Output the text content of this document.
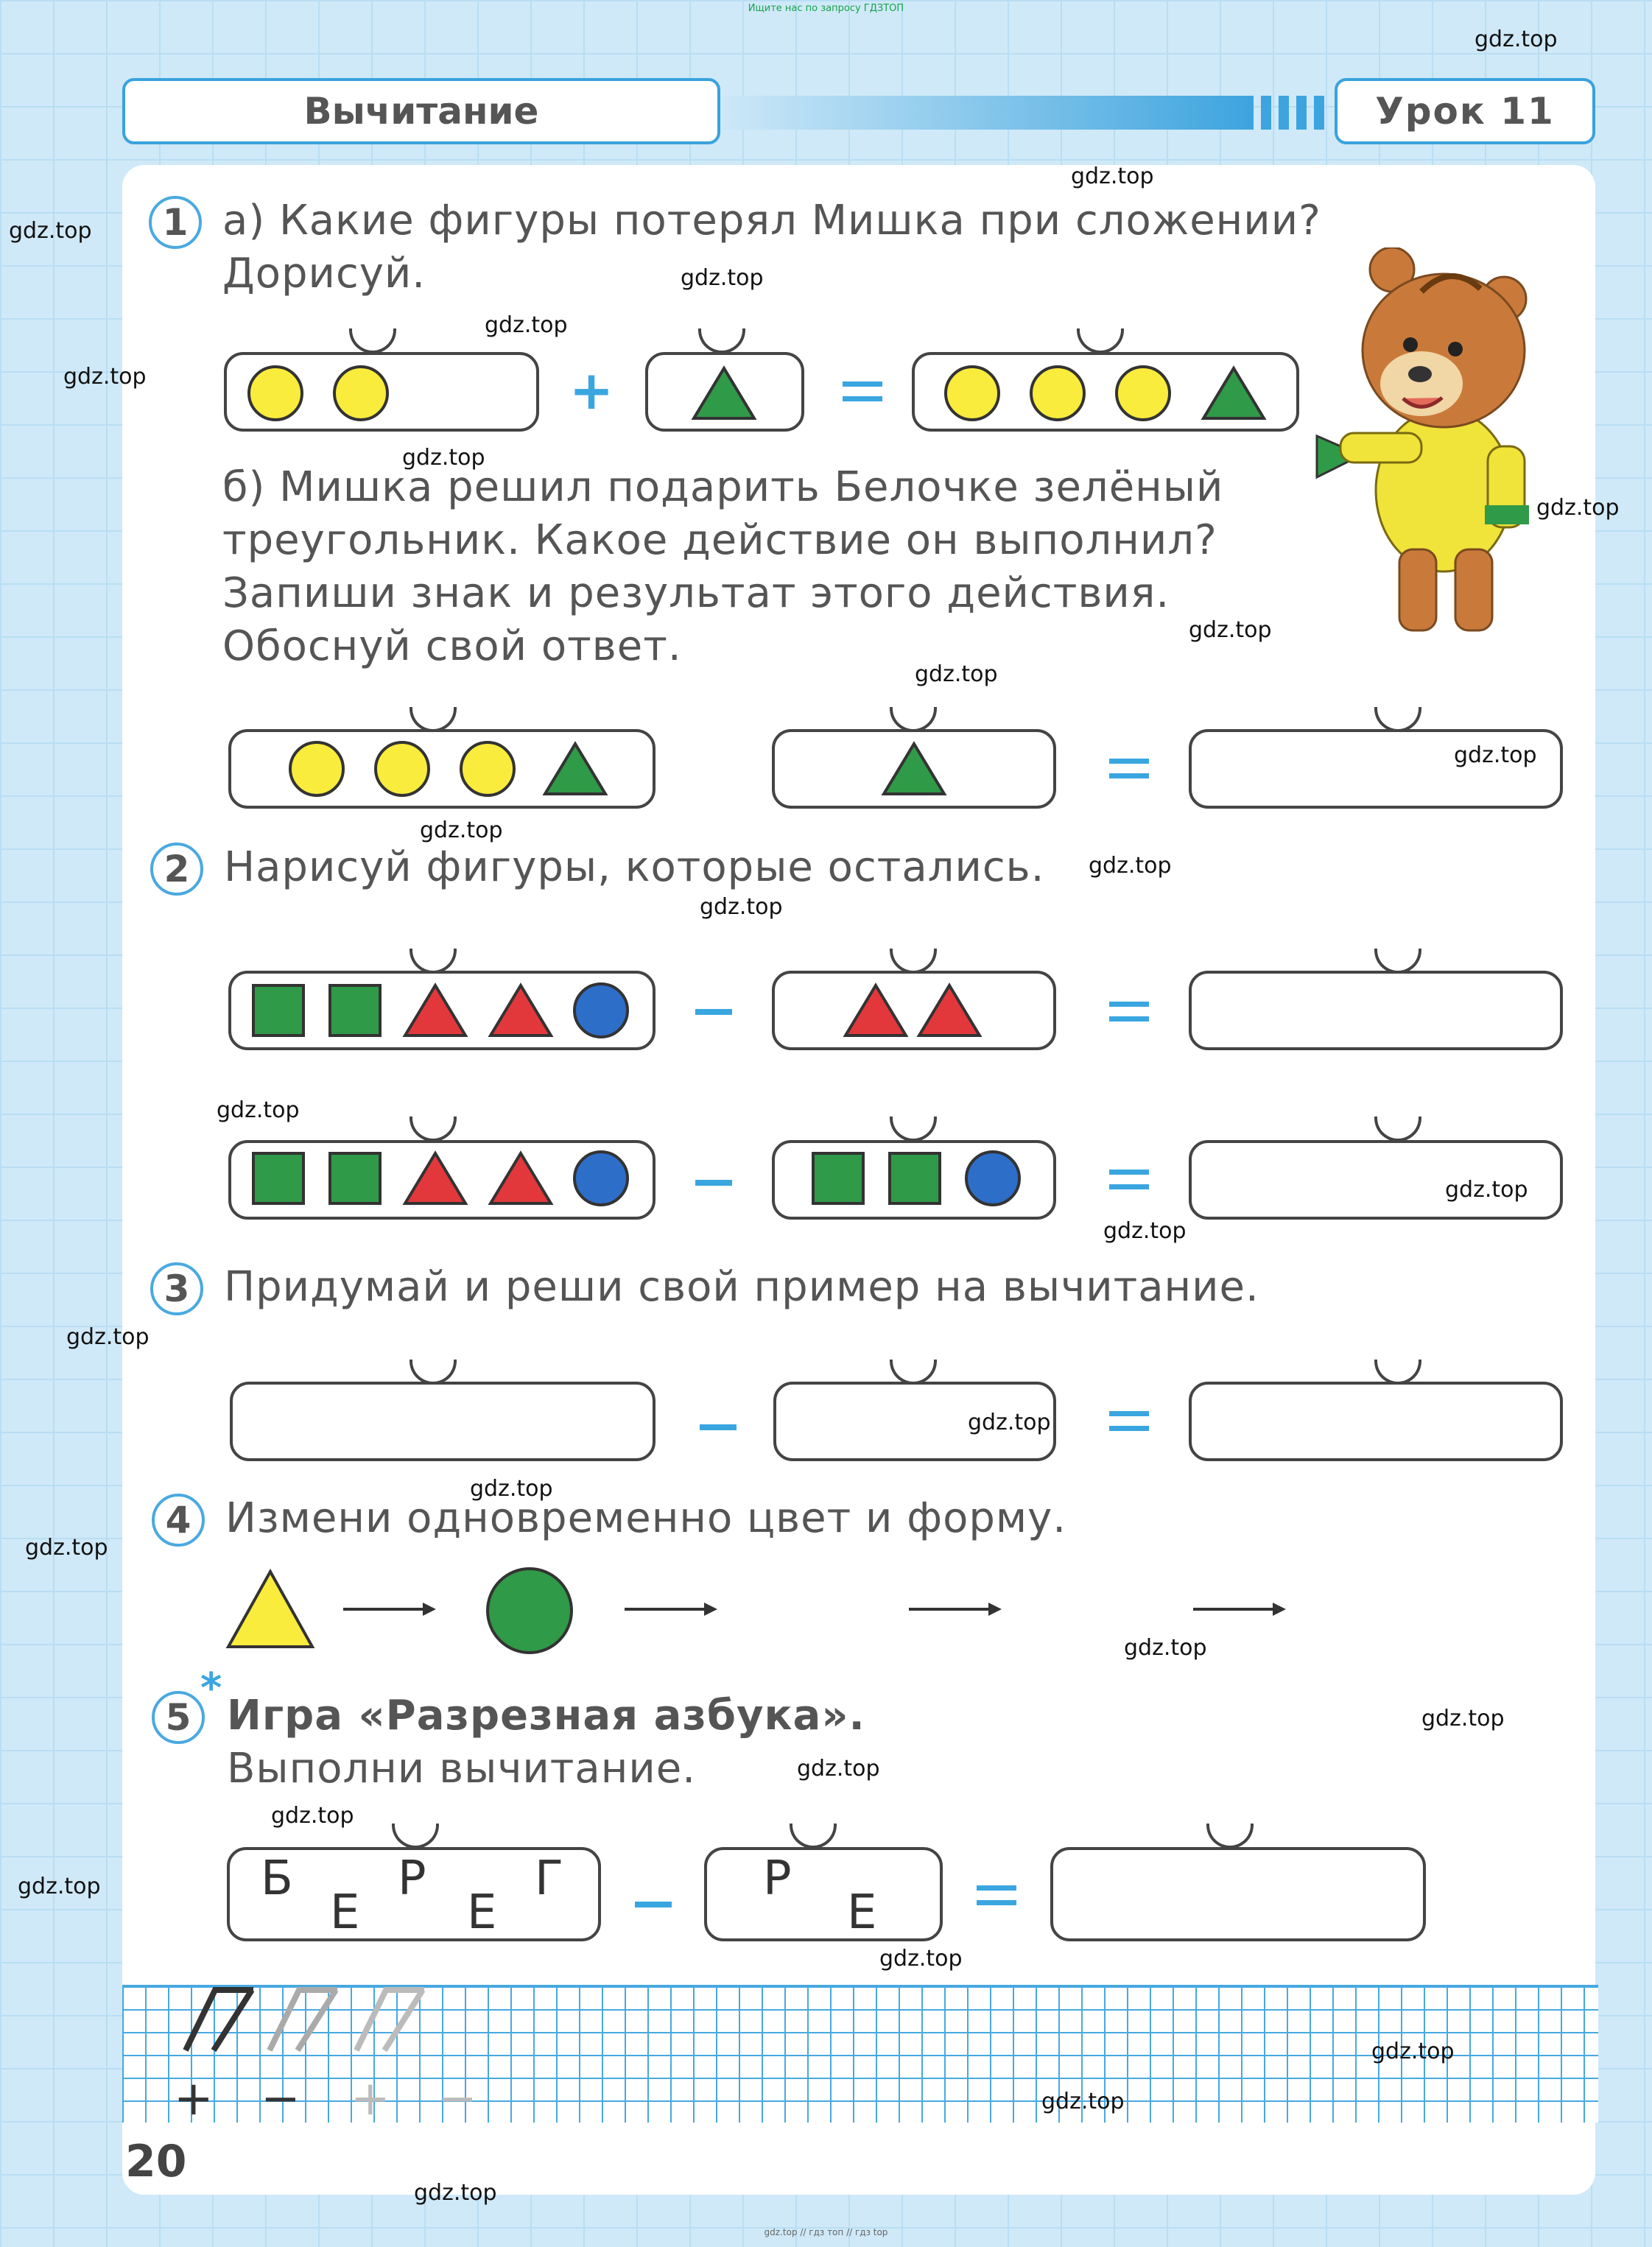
Ищите нас по запросу ГДЗТОП
gdz.top // гдз топ // гдз top
Вычитание	Урок 11
1 а) Какие фигуры потерял Мишка при сложении?
Дорисуй.
+
б) Мишка решил подарить Белочке зелёный
треугольник. Какое действие он выполнил?
Запиши знак и результат этого действия.
Обоснуй свой ответ.
2 Нарисуй фигуры, которые остались.
3 Придумай и реши свой пример на вычитание.
4 Измени одновременно цвет и форму.
5
*
Игра «Разрезная азбука».
Выполни вычитание.
Б
Е
Р
Е
Г	Р
Е
+ − + −
20
gdz.top
gdz.top
gdz.top
gdz.top
gdz.top
gdz.top
gdz.top
gdz.top
gdz.top
gdz.top
gdz.top
gdz.top
gdz.top
gdz.top
gdz.top
gdz.top
gdz.top
gdz.top
gdz.top
gdz.top
gdz.top
gdz.top
gdz.top
gdz.top
gdz.top
gdz.top
gdz.top
gdz.top
gdz.top
gdz.top
